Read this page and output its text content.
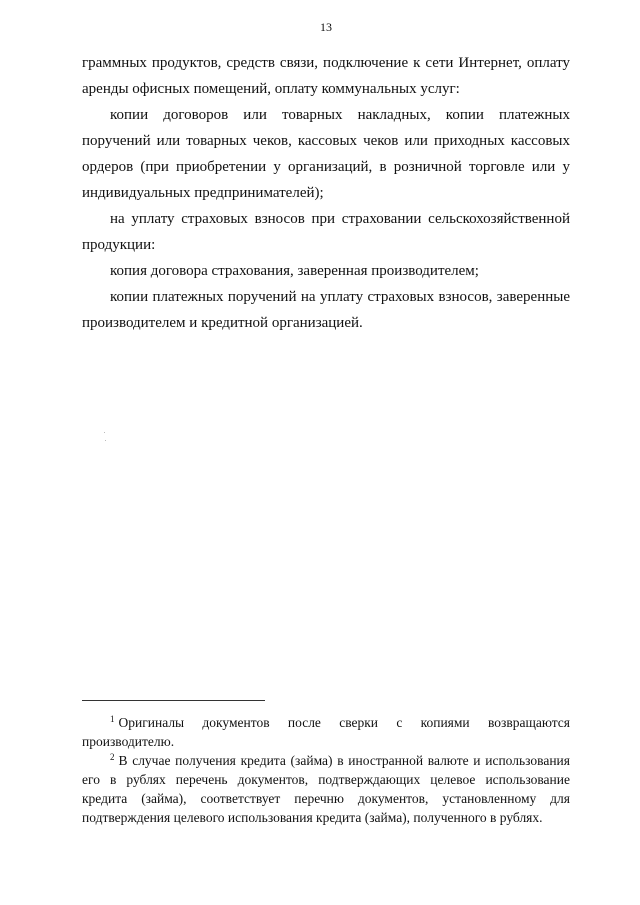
13

граммных продуктов, средств связи, подключение к сети Интернет, оплату аренды офисных помещений, оплату коммунальных услуг:

копии договоров или товарных накладных, копии платежных поручений или товарных чеков, кассовых чеков или приходных кассовых ордеров (при приобретении у организаций, в розничной торговле или у индивидуальных предпринимателей);

на уплату страховых взносов при страховании сельскохозяйственной продукции:

копия договора страхования, заверенная производителем;

копии платежных поручений на уплату страховых взносов, заверенные производителем и кредитной организацией.

$^1$ Оригиналы документов после сверки с копиями возвращаются производителю.

$^2$ В случае получения кредита (займа) в иностранной валюте и использования его в рублях перечень документов, подтверждающих целевое использование кредита (займа), соответствует перечню документов, установленному для подтверждения целевого использования кредита (займа), полученного в рублях.
